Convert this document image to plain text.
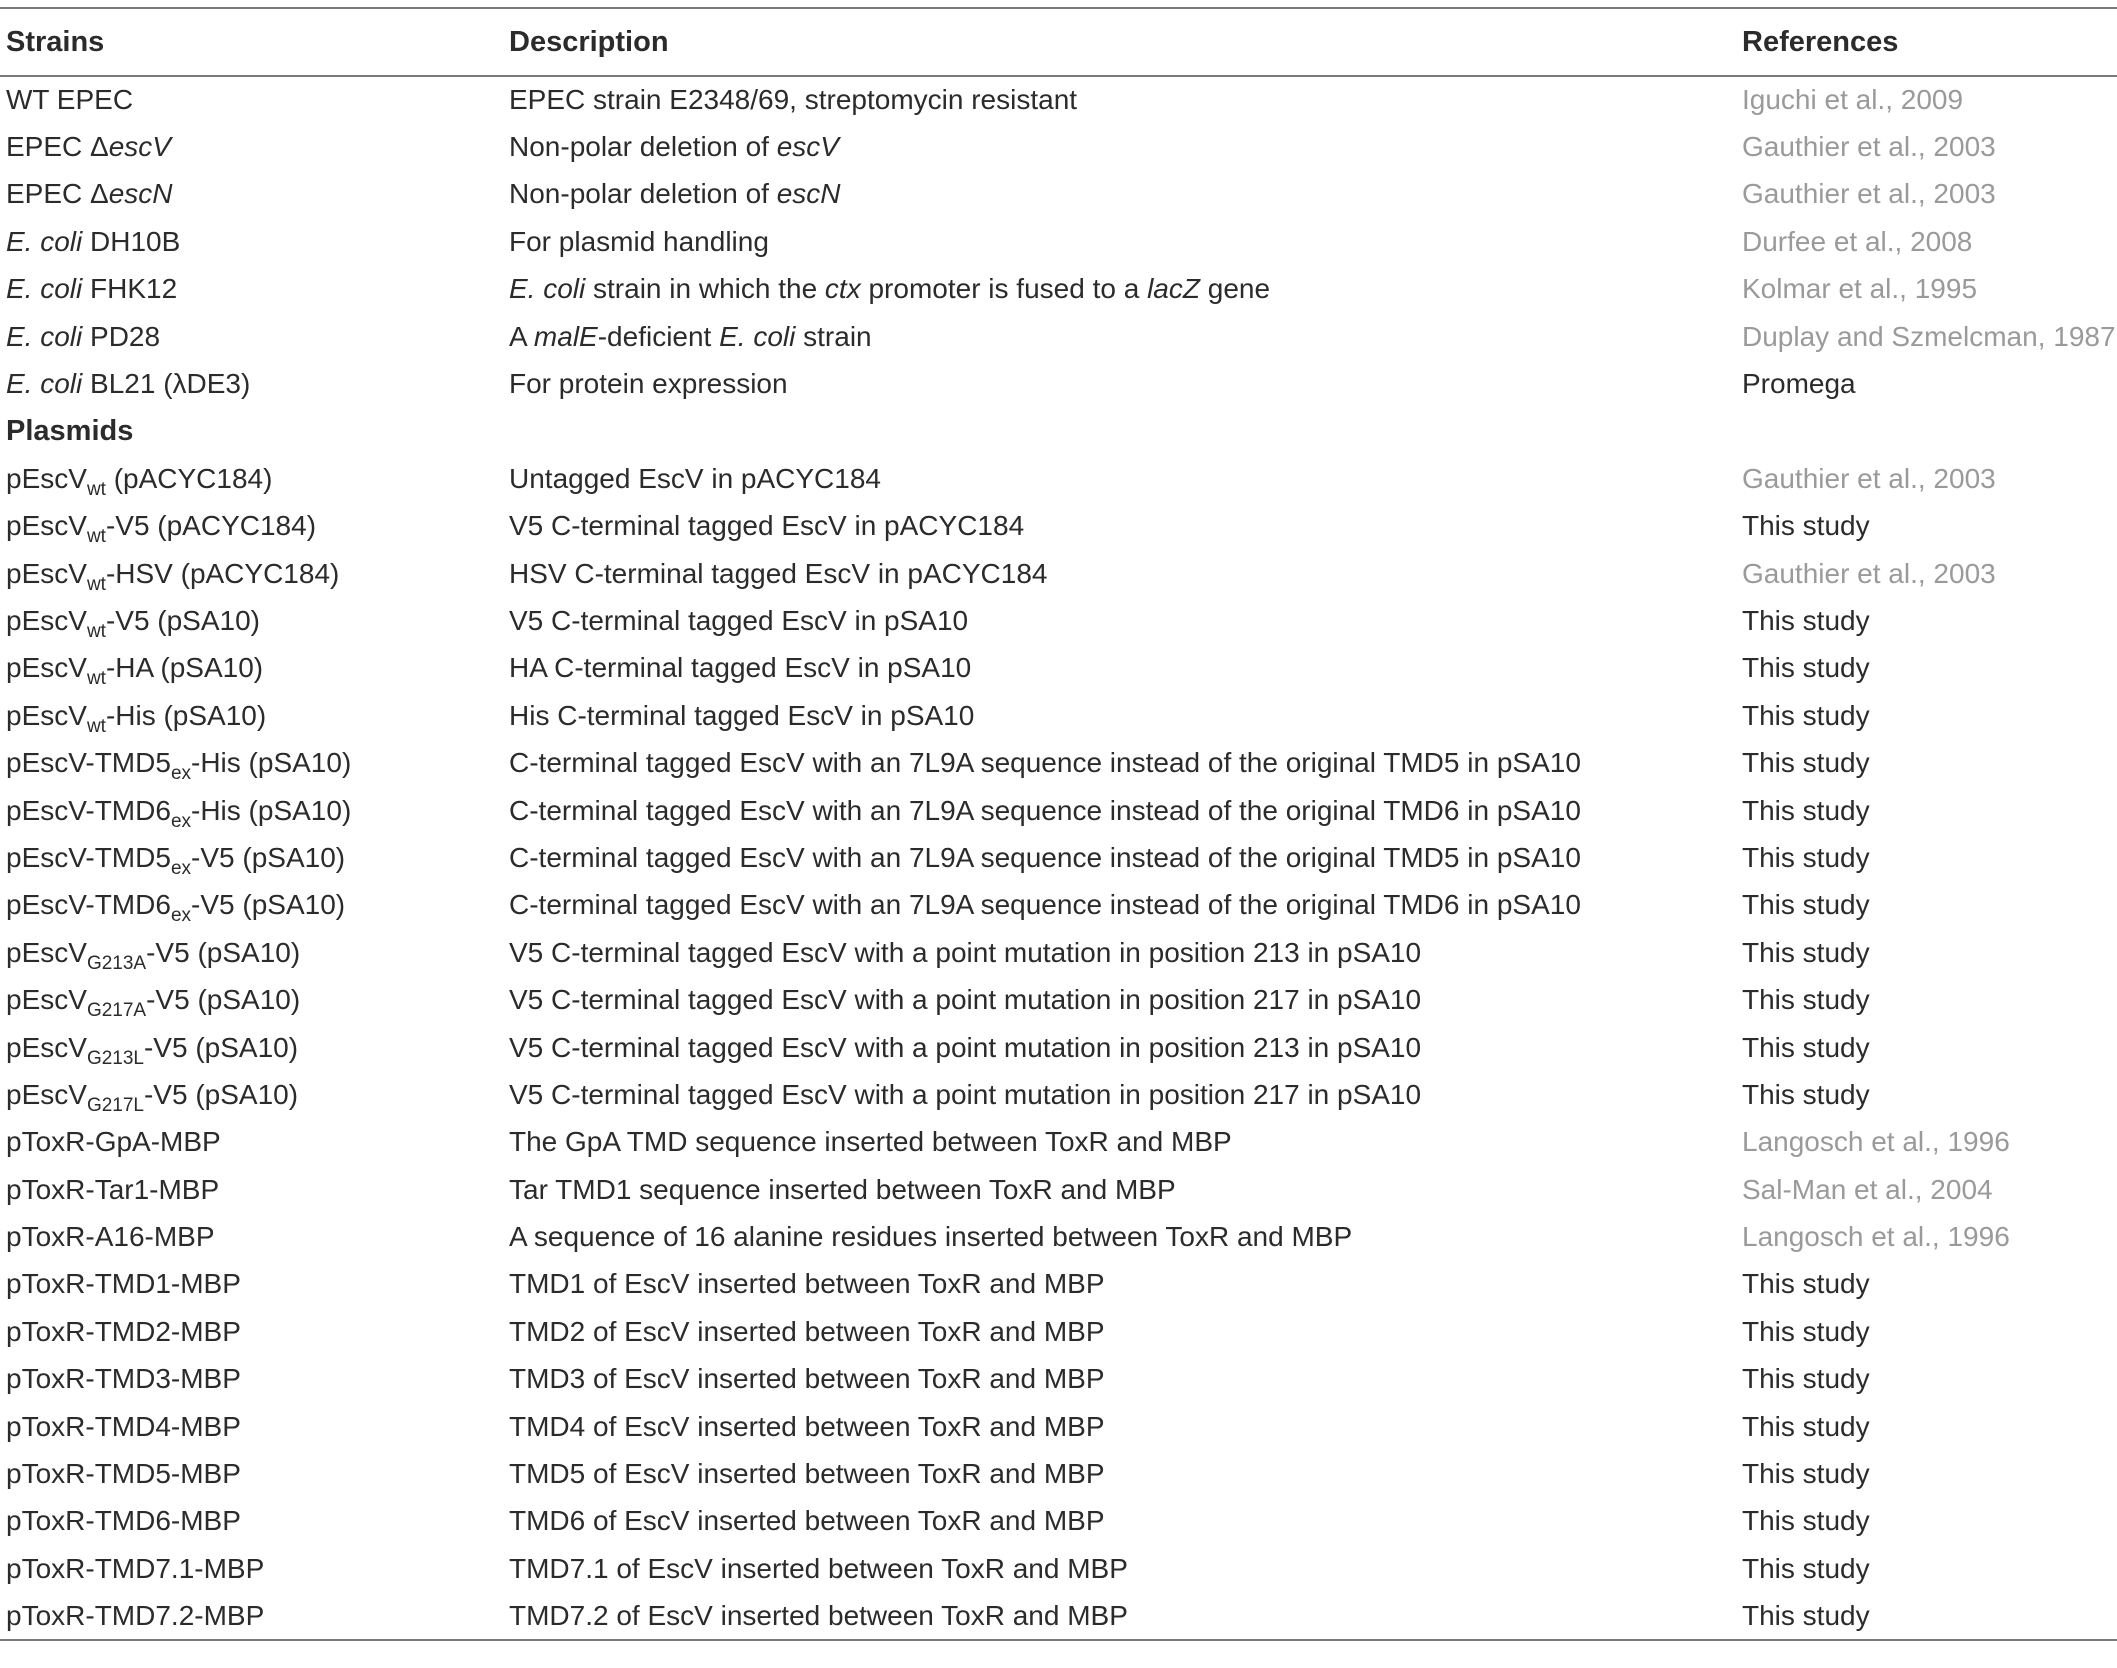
Strains	Description	References
WT EPEC	EPEC strain E2348/69, streptomycin resistant	Iguchi et al., 2009
EPEC ΔescV	Non-polar deletion of escV	Gauthier et al., 2003
EPEC ΔescN	Non-polar deletion of escN	Gauthier et al., 2003
E. coli DH10B	For plasmid handling	Durfee et al., 2008
E. coli FHK12	E. coli strain in which the ctx promoter is fused to a lacZ gene	Kolmar et al., 1995
E. coli PD28	A malE-deficient E. coli strain	Duplay and Szmelcman, 1987
E. coli BL21 (λDE3)	For protein expression	Promega
Plasmids		
pEscV$_{wt}$ (pACYC184)	Untagged EscV in pACYC184	Gauthier et al., 2003
pEscV$_{wt}$-V5 (pACYC184)	V5 C-terminal tagged EscV in pACYC184	This study
pEscV$_{wt}$-HSV (pACYC184)	HSV C-terminal tagged EscV in pACYC184	Gauthier et al., 2003
pEscV$_{wt}$-V5 (pSA10)	V5 C-terminal tagged EscV in pSA10	This study
pEscV$_{wt}$-HA (pSA10)	HA C-terminal tagged EscV in pSA10	This study
pEscV$_{wt}$-His (pSA10)	His C-terminal tagged EscV in pSA10	This study
pEscV-$TMD5_{ex}$-His (pSA10)	C-terminal tagged EscV with an 7L9A sequence instead of the original TMD5 in pSA10	This study
pEscV-$TMD6_{ex}$-His (pSA10)	C-terminal tagged EscV with an 7L9A sequence instead of the original TMD6 in pSA10	This study
pEscV-$TMD5_{ex}-V5$ (pSA10)	C-terminal tagged EscV with an 7L9A sequence instead of the original TMD5 in pSA10	This study
pEscV-$TMD6_{ex}-V5$ (pSA10)	C-terminal tagged EscV with an 7L9A sequence instead of the original TMD6 in pSA10	This study
pEscV$_{G213A}$-V5 (pSA10)	V5 C-terminal tagged EscV with a point mutation in position 213 in pSA10	This study
pEscV$_{G217A}$-V5 (pSA10)	V5 C-terminal tagged EscV with a point mutation in position 217 in pSA10	This study
pEscV$_{G213L}$-V5 (pSA10)	V5 C-terminal tagged EscV with a point mutation in position 213 in pSA10	This study
pEscV$_{G217L}$-V5 (pSA10)	V5 C-terminal tagged EscV with a point mutation in position 217 in pSA10	This study
pToxR-GpA-MBP	The GpA TMD sequence inserted between ToxR and MBP	Langosch et al., 1996
pToxR-Tar1-MBP	Tar TMD1 sequence inserted between ToxR and MBP	Sal-Man et al., 2004
pToxR-A16-MBP	A sequence of 16 alanine residues inserted between ToxR and MBP	Langosch et al., 1996
pToxR-TMD1-MBP	TMD1 of EscV inserted between ToxR and MBP	This study
pToxR-TMD2-MBP	TMD2 of EscV inserted between ToxR and MBP	This study
pToxR-TMD3-MBP	TMD3 of EscV inserted between ToxR and MBP	This study
pToxR-TMD4-MBP	TMD4 of EscV inserted between ToxR and MBP	This study
pToxR-TMD5-MBP	TMD5 of EscV inserted between ToxR and MBP	This study
pToxR-TMD6-MBP	TMD6 of EscV inserted between ToxR and MBP	This study
pToxR-TMD7.1-MBP	TMD7.1 of EscV inserted between ToxR and MBP	This study
pToxR-TMD7.2-MBP	TMD7.2 of EscV inserted between ToxR and MBP	This study
